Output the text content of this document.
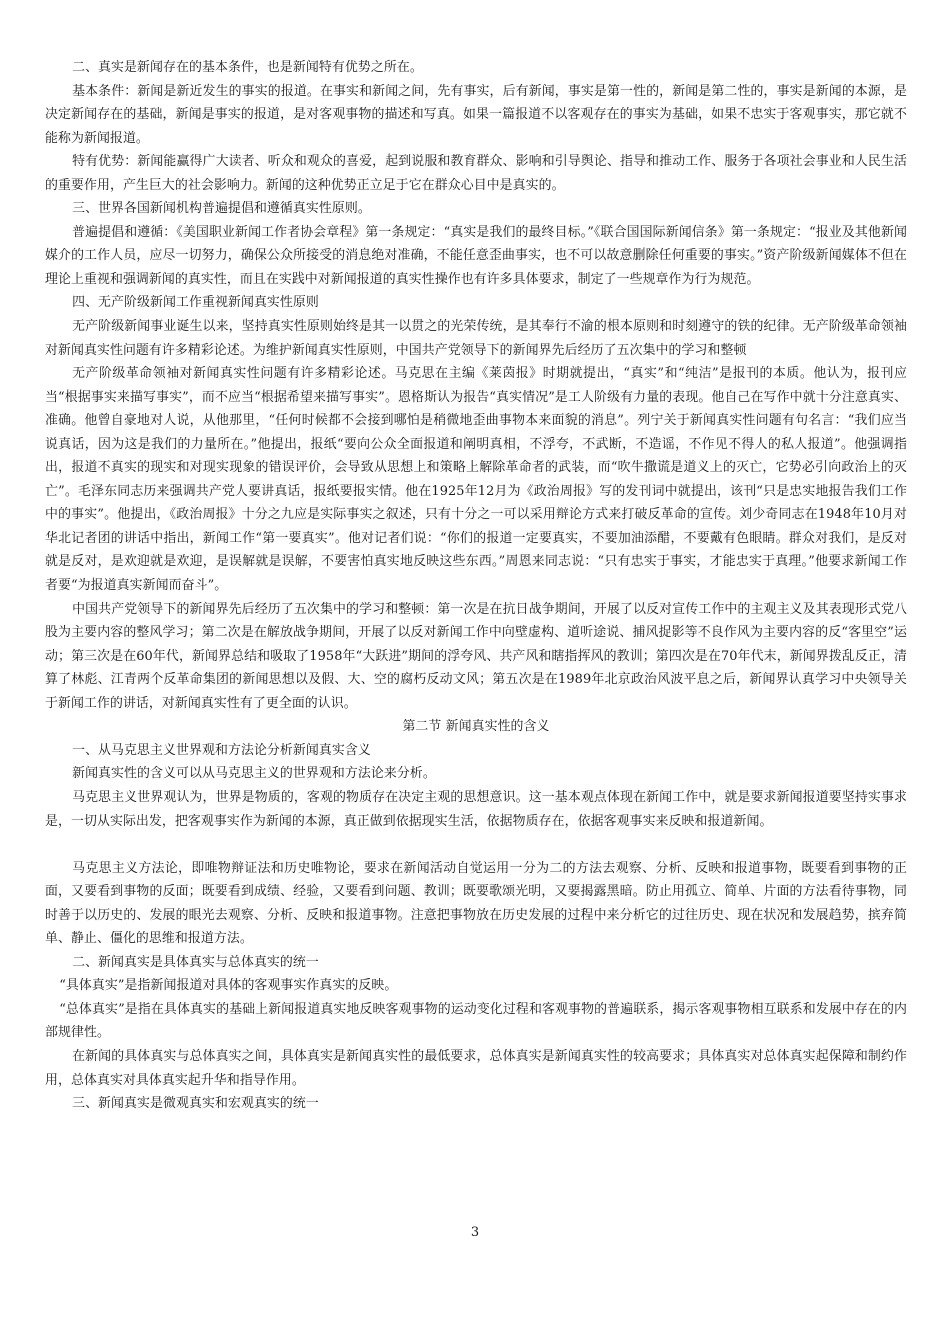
二、真实是新闻存在的基本条件，也是新闻特有优势之所在。

基本条件：新闻是新近发生的事实的报道。在事实和新闻之间，先有事实，后有新闻，事实是第一性的，新闻是第二性的，事实是新闻的本源，是决定新闻存在的基础，新闻是事实的报道，是对客观事物的描述和写真。如果一篇报道不以客观存在的事实为基础，如果不忠实于客观事实，那它就不能称为新闻报道。

特有优势：新闻能赢得广大读者、听众和观众的喜爱，起到说服和教育群众、影响和引导舆论、指导和推动工作、服务于各项社会事业和人民生活的重要作用，产生巨大的社会影响力。新闻的这种优势正立足于它在群众心目中是真实的。

三、世界各国新闻机构普遍提倡和遵循真实性原则。

普遍提倡和遵循：《美国职业新闻工作者协会章程》第一条规定：“真实是我们的最终目标。”《联合国国际新闻信条》第一条规定：“报业及其他新闻媒介的工作人员，应尽一切努力，确保公众所接受的消息绝对准确，不能任意歪曲事实，也不可以故意删除任何重要的事实。”资产阶级新闻媒体不但在理论上重视和强调新闻的真实性，而且在实践中对新闻报道的真实性操作也有许多具体要求，制定了一些规章作为行为规范。

四、无产阶级新闻工作重视新闻真实性原则

无产阶级新闻事业诞生以来，坚持真实性原则始终是其一以贯之的光荣传统，是其奉行不渝的根本原则和时刻遵守的铁的纪律。无产阶级革命领袖对新闻真实性问题有许多精彩论述。为维护新闻真实性原则，中国共产党领导下的新闻界先后经历了五次集中的学习和整顿

无产阶级革命领袖对新闻真实性问题有许多精彩论述。马克思在主编《莱茵报》时期就提出，“真实”和“纯洁”是报刊的本质。他认为，报刊应当“根据事实来描写事实”，而不应当“根据希望来描写事实”。恩格斯认为报告“真实情况”是工人阶级有力量的表现。他自己在写作中就十分注意真实、准确。他曾自豪地对人说，从他那里，“任何时候都不会接到哪怕是稍微地歪曲事物本来面貌的消息”。列宁关于新闻真实性问题有句名言：“我们应当说真话，因为这是我们的力量所在。”他提出，报纸“要向公众全面报道和阐明真相，不浮夸，不武断，不造谣，不作见不得人的私人报道”。他强调指出，报道不真实的现实和对现实现象的错误评价，会导致从思想上和策略上解除革命者的武装，而“吹牛撒谎是道义上的灭亡，它势必引向政治上的灭亡”。毛泽东同志历来强调共产党人要讲真话，报纸要报实情。他在1925年12月为《政治周报》写的发刊词中就提出，该刊“只是忠实地报告我们工作中的事实”。他提出，《政治周报》十分之九应是实际事实之叙述，只有十分之一可以采用辩论方式来打破反革命的宣传。刘少奇同志在1948年10月对华北记者团的讲话中指出，新闻工作“第一要真实”。他对记者们说：“你们的报道一定要真实，不要加油添醋，不要戴有色眼睛。群众对我们，是反对就是反对，是欢迎就是欢迎，是误解就是误解，不要害怕真实地反映这些东西。”周恩来同志说：“只有忠实于事实，才能忠实于真理。”他要求新闻工作者要“为报道真实新闻而奋斗”。

中国共产党领导下的新闻界先后经历了五次集中的学习和整顿：第一次是在抗日战争期间，开展了以反对宣传工作中的主观主义及其表现形式党八股为主要内容的整风学习；第二次是在解放战争期间，开展了以反对新闻工作中向壁虚构、道听途说、捕风捉影等不良作风为主要内容的反“客里空”运动；第三次是在60年代，新闻界总结和吸取了1958年“大跃进”期间的浮夸风、共产风和瞎指挥风的教训；第四次是在70年代末，新闻界拨乱反正，清算了林彪、江青两个反革命集团的新闻思想以及假、大、空的腐朽反动文风；第五次是在1989年北京政治风波平息之后，新闻界认真学习中央领导关于新闻工作的讲话，对新闻真实性有了更全面的认识。

第二节 新闻真实性的含义

一、从马克思主义世界观和方法论分析新闻真实含义

新闻真实性的含义可以从马克思主义的世界观和方法论来分析。

马克思主义世界观认为，世界是物质的，客观的物质存在决定主观的思想意识。这一基本观点体现在新闻工作中，就是要求新闻报道要坚持实事求是，一切从实际出发，把客观事实作为新闻的本源，真正做到依据现实生活，依据物质存在，依据客观事实来反映和报道新闻。

马克思主义方法论，即唯物辩证法和历史唯物论，要求在新闻活动自觉运用一分为二的方法去观察、分析、反映和报道事物，既要看到事物的正面，又要看到事物的反面；既要看到成绩、经验，又要看到问题、教训；既要歌颂光明，又要揭露黑暗。防止用孤立、简单、片面的方法看待事物，同时善于以历史的、发展的眼光去观察、分析、反映和报道事物。注意把事物放在历史发展的过程中来分析它的过往历史、现在状况和发展趋势，摈弃简单、静止、僵化的思维和报道方法。

二、新闻真实是具体真实与总体真实的统一

“具体真实”是指新闻报道对具体的客观事实作真实的反映。

“总体真实”是指在具体真实的基础上新闻报道真实地反映客观事物的运动变化过程和客观事物的普遍联系，揭示客观事物相互联系和发展中存在的内部规律性。

在新闻的具体真实与总体真实之间，具体真实是新闻真实性的最低要求，总体真实是新闻真实性的较高要求；具体真实对总体真实起保障和制约作用，总体真实对具体真实起升华和指导作用。

三、新闻真实是微观真实和宏观真实的统一

3
